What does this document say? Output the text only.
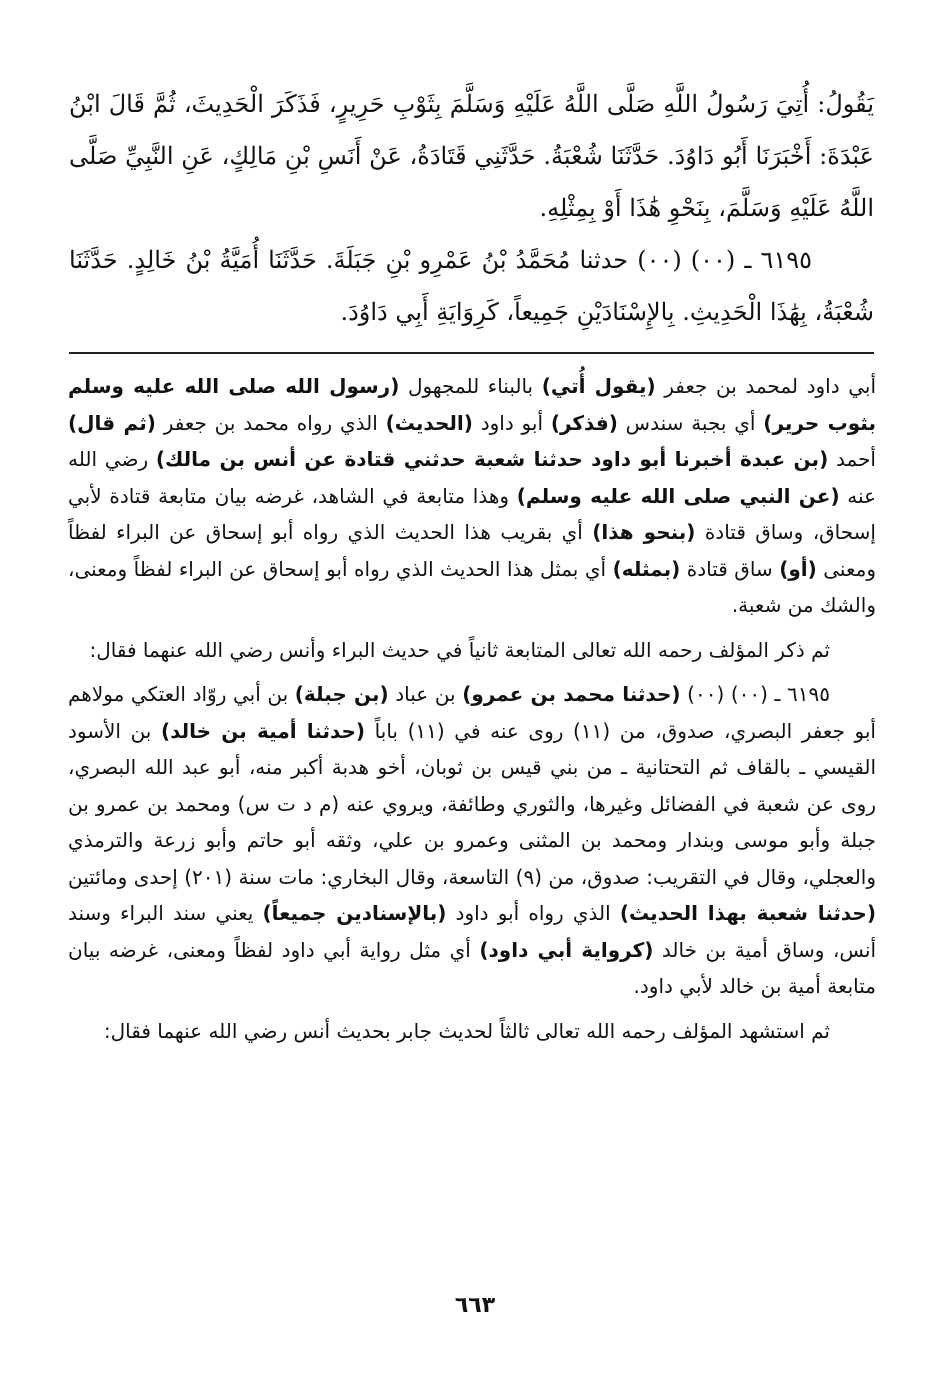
يَقُولُ: أُتِيَ رَسُولُ اللَّهِ صَلَّى اللَّهُ عَلَيْهِ وَسَلَّمَ بِثَوْبِ حَرِيرٍ، فَذَكَرَ الْحَدِيثَ، ثُمَّ قَالَ ابْنُ عَبْدَةَ: أَخْبَرَنَا أَبُو دَاوُدَ. حَدَّثَنَا شُعْبَةُ. حَدَّثَنِي قَتَادَةُ، عَنْ أَنَسِ بْنِ مَالِكٍ، عَنِ النَّبِيِّ صَلَّى اللَّهُ عَلَيْهِ وَسَلَّمَ، بِنَحْوِ هَٰذَا أَوْ بِمِثْلِهِ.

٦١٩٥ ـ (٠٠) (٠٠) حدثنا مُحَمَّدُ بْنُ عَمْرِو بْنِ جَبَلَةَ. حَدَّثَنَا أُمَيَّةُ بْنُ خَالِدٍ. حَدَّثَنَا شُعْبَةُ، بِهَٰذَا الْحَدِيثِ. بِالإِسْنَادَيْنِ جَمِيعاً، كَرِوَايَةِ أَبِي دَاوُدَ.

أبي داود لمحمد بن جعفر (يقول أُتي) بالبناء للمجهول (رسول الله صلى الله عليه وسلم بثوب حرير) أي بجبة سندس (فذكر) أبو داود (الحديث) الذي رواه محمد بن جعفر (ثم قال) أحمد (بن عبدة أخبرنا أبو داود حدثنا شعبة حدثني قتادة عن أنس بن مالك) رضي الله عنه (عن النبي صلى الله عليه وسلم) وهذا متابعة في الشاهد، غرضه بيان متابعة قتادة لأبي إسحاق، وساق قتادة (بنحو هذا) أي بقريب هذا الحديث الذي رواه أبو إسحاق عن البراء لفظاً ومعنى (أو) ساق قتادة (بمثله) أي بمثل هذا الحديث الذي رواه أبو إسحاق عن البراء لفظاً ومعنى، والشك من شعبة.

ثم ذكر المؤلف رحمه الله تعالى المتابعة ثانياً في حديث البراء وأنس رضي الله عنهما فقال:

٦١٩٥ ـ (٠٠) (٠٠) (حدثنا محمد بن عمرو) بن عباد (بن جبلة) بن أبي روّاد العتكي مولاهم أبو جعفر البصري، صدوق، من (١١) روى عنه في (١١) باباً (حدثنا أمية بن خالد) بن الأسود القيسي ـ بالقاف ثم التحتانية ـ من بني قيس بن ثوبان، أخو هدبة أكبر منه، أبو عبد الله البصري، روى عن شعبة في الفضائل وغيرها، والثوري وطائفة، ويروي عنه (م د ت س) ومحمد بن عمرو بن جبلة وأبو موسى وبندار ومحمد بن المثنى وعمرو بن علي، وثقه أبو حاتم وأبو زرعة والترمذي والعجلي، وقال في التقريب: صدوق، من (٩) التاسعة، وقال البخاري: مات سنة (٢٠١) إحدى ومائتين (حدثنا شعبة بهذا الحديث) الذي رواه أبو داود (بالإسنادين جميعاً) يعني سند البراء وسند أنس، وساق أمية بن خالد (كرواية أبي داود) أي مثل رواية أبي داود لفظاً ومعنى، غرضه بيان متابعة أمية بن خالد لأبي داود.

ثم استشهد المؤلف رحمه الله تعالى ثالثاً لحديث جابر بحديث أنس رضي الله عنهما فقال:

٦٦٣
